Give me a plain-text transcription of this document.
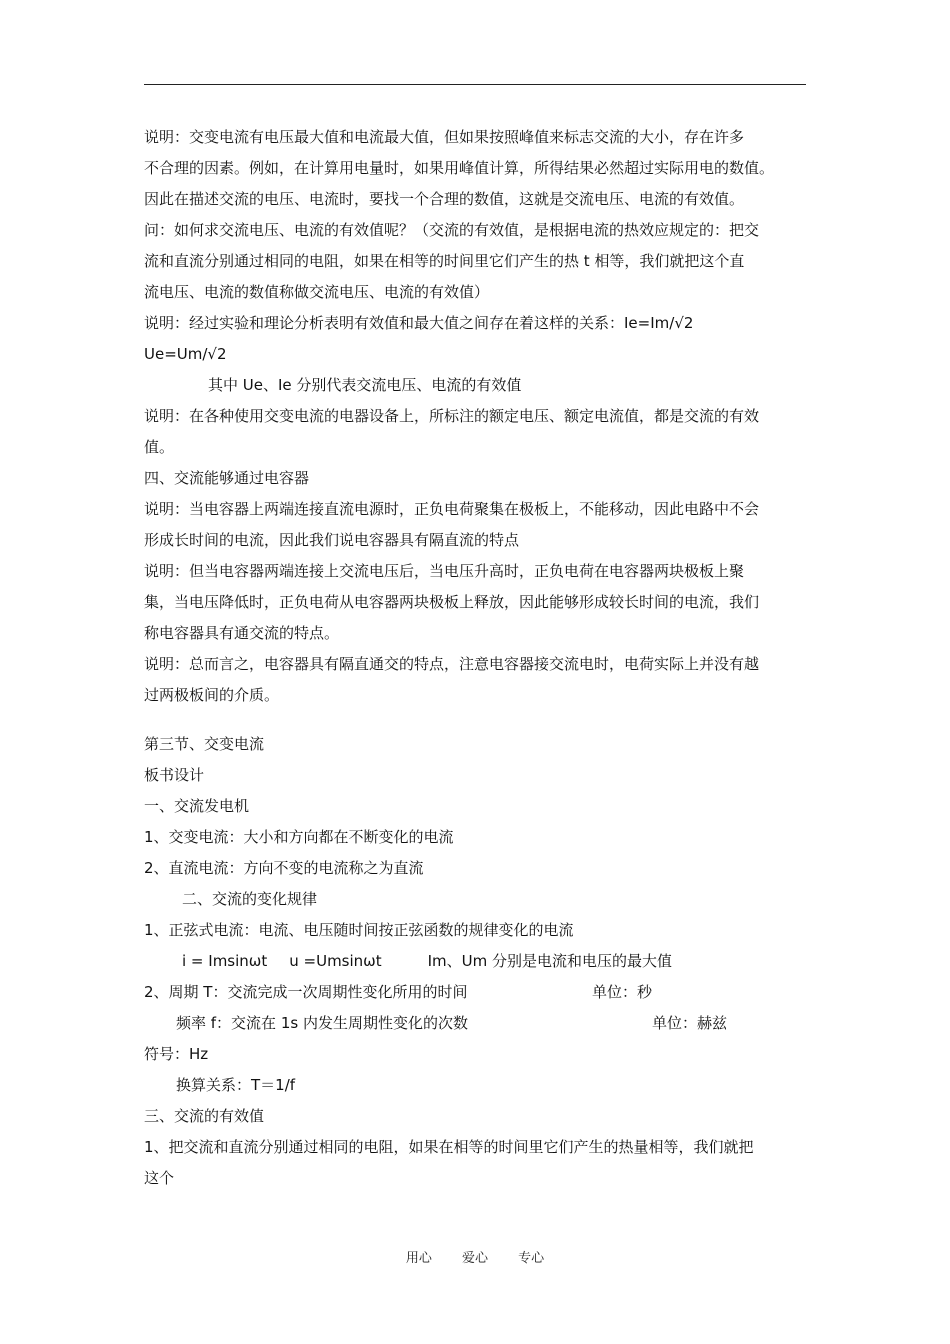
说明：交变电流有电压最大值和电流最大值，但如果按照峰值来标志交流的大小，存在许多
不合理的因素。例如，在计算用电量时，如果用峰值计算，所得结果必然超过实际用电的数值。
因此在描述交流的电压、电流时，要找一个合理的数值，这就是交流电压、电流的有效值。
问：如何求交流电压、电流的有效值呢？（交流的有效值，是根据电流的热效应规定的：把交
流和直流分别通过相同的电阻，如果在相等的时间里它们产生的热 t 相等，我们就把这个直
流电压、电流的数值称做交流电压、电流的有效值）
说明：经过实验和理论分析表明有效值和最大值之间存在着这样的关系：Ie=Im/√2
Ue=Um/√2
其中 Ue、Ie 分别代表交流电压、电流的有效值
说明：在各种使用交变电流的电器设备上，所标注的额定电压、额定电流值，都是交流的有效
值。
四、交流能够通过电容器
说明：当电容器上两端连接直流电源时，正负电荷聚集在极板上，不能移动，因此电路中不会
形成长时间的电流，因此我们说电容器具有隔直流的特点
说明：但当电容器两端连接上交流电压后，当电压升高时，正负电荷在电容器两块极板上聚
集，当电压降低时，正负电荷从电容器两块极板上释放，因此能够形成较长时间的电流，我们
称电容器具有通交流的特点。
说明：总而言之，电容器具有隔直通交的特点，注意电容器接交流电时，电荷实际上并没有越
过两极板间的介质。
第三节、交变电流
板书设计
一、交流发电机
1、交变电流：大小和方向都在不断变化的电流
2、直流电流：方向不变的电流称之为直流
二、交流的变化规律
1、正弦式电流：电流、电压随时间按正弦函数的规律变化的电流
i = Imsinωt u =Umsinωt	Im、Um 分别是电流和电压的最大值
2、周期 T：交流完成一次周期性变化所用的时间	单位：秒
频率 f：交流在 1s 内发生周期性变化的次数	单位：赫兹
符号：Hz
换算关系：T＝1/f
三、交流的有效值
1、把交流和直流分别通过相同的电阻，如果在相等的时间里它们产生的热量相等，我们就把
这个
用心 爱心 专心
